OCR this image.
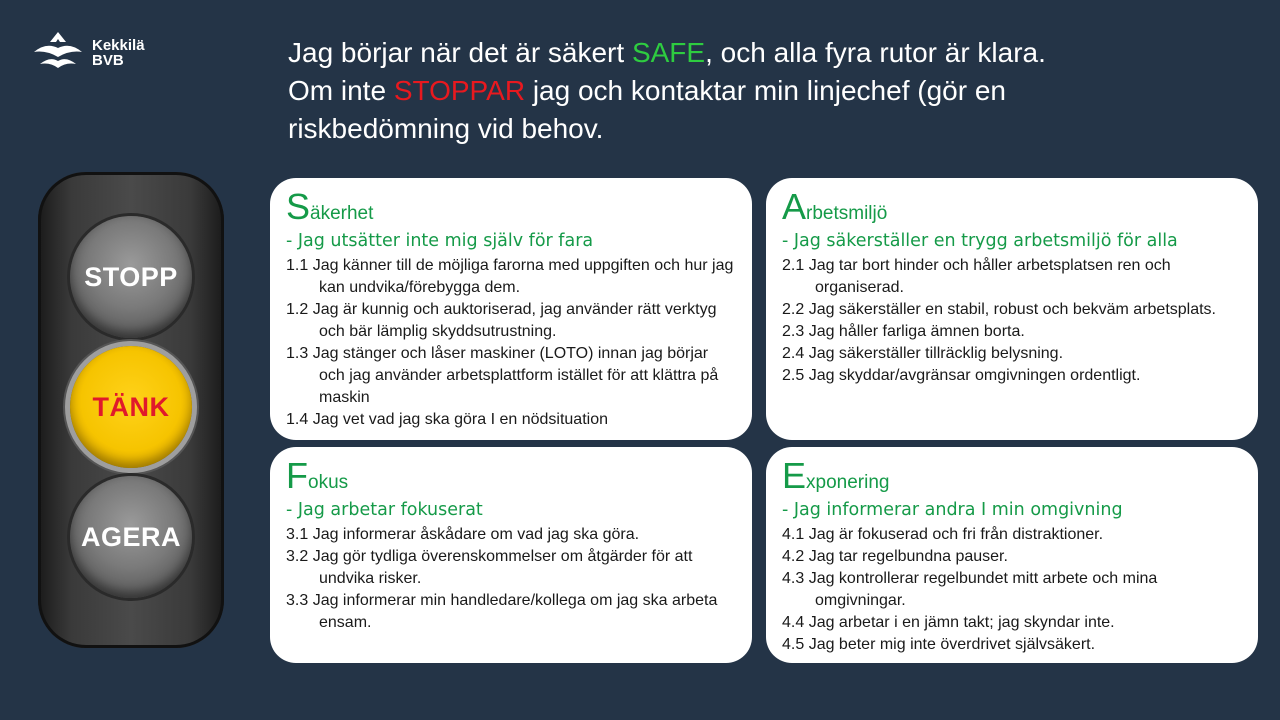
Kekkilä
BVB	Jag börjar när det är säkert SAFE, och alla fyra rutor är klara.
Om inte STOPPAR jag och kontaktar min linjechef (gör en
riskbedömning vid behov.
STOPP
TÄNK
AGERA
S äkerhet
- Jag utsätter inte mig själv för fara
1.1 Jag känner till de möjliga farorna med uppgiften och hur jag kan undvika/förebygga dem.
1.2 Jag är kunnig och auktoriserad, jag använder rätt verktyg och bär lämplig skyddsutrustning.
1.3 Jag stänger och låser maskiner (LOTO) innan jag börjar och jag använder arbetsplattform istället för att klättra på maskin
1.4 Jag vet vad jag ska göra I en nödsituation
A rbetsmiljö
- Jag säkerställer en trygg arbetsmiljö för alla
2.1 Jag tar bort hinder och håller arbetsplatsen ren och organiserad.
2.2 Jag säkerställer en stabil, robust och bekväm arbetsplats.
2.3 Jag håller farliga ämnen borta.
2.4 Jag säkerställer tillräcklig belysning.
2.5 Jag skyddar/avgränsar omgivningen ordentligt.
F okus
- Jag arbetar fokuserat
3.1 Jag informerar åskådare om vad jag ska göra.
3.2 Jag gör tydliga överenskommelser om åtgärder för att undvika risker.
3.3 Jag informerar min handledare/kollega om jag ska arbeta ensam.
E xponering
- Jag informerar andra I min omgivning
4.1 Jag är fokuserad och fri från distraktioner.
4.2 Jag tar regelbundna pauser.
4.3 Jag kontrollerar regelbundet mitt arbete och mina omgivningar.
4.4 Jag arbetar i en jämn takt; jag skyndar inte.
4.5 Jag beter mig inte överdrivet självsäkert.
